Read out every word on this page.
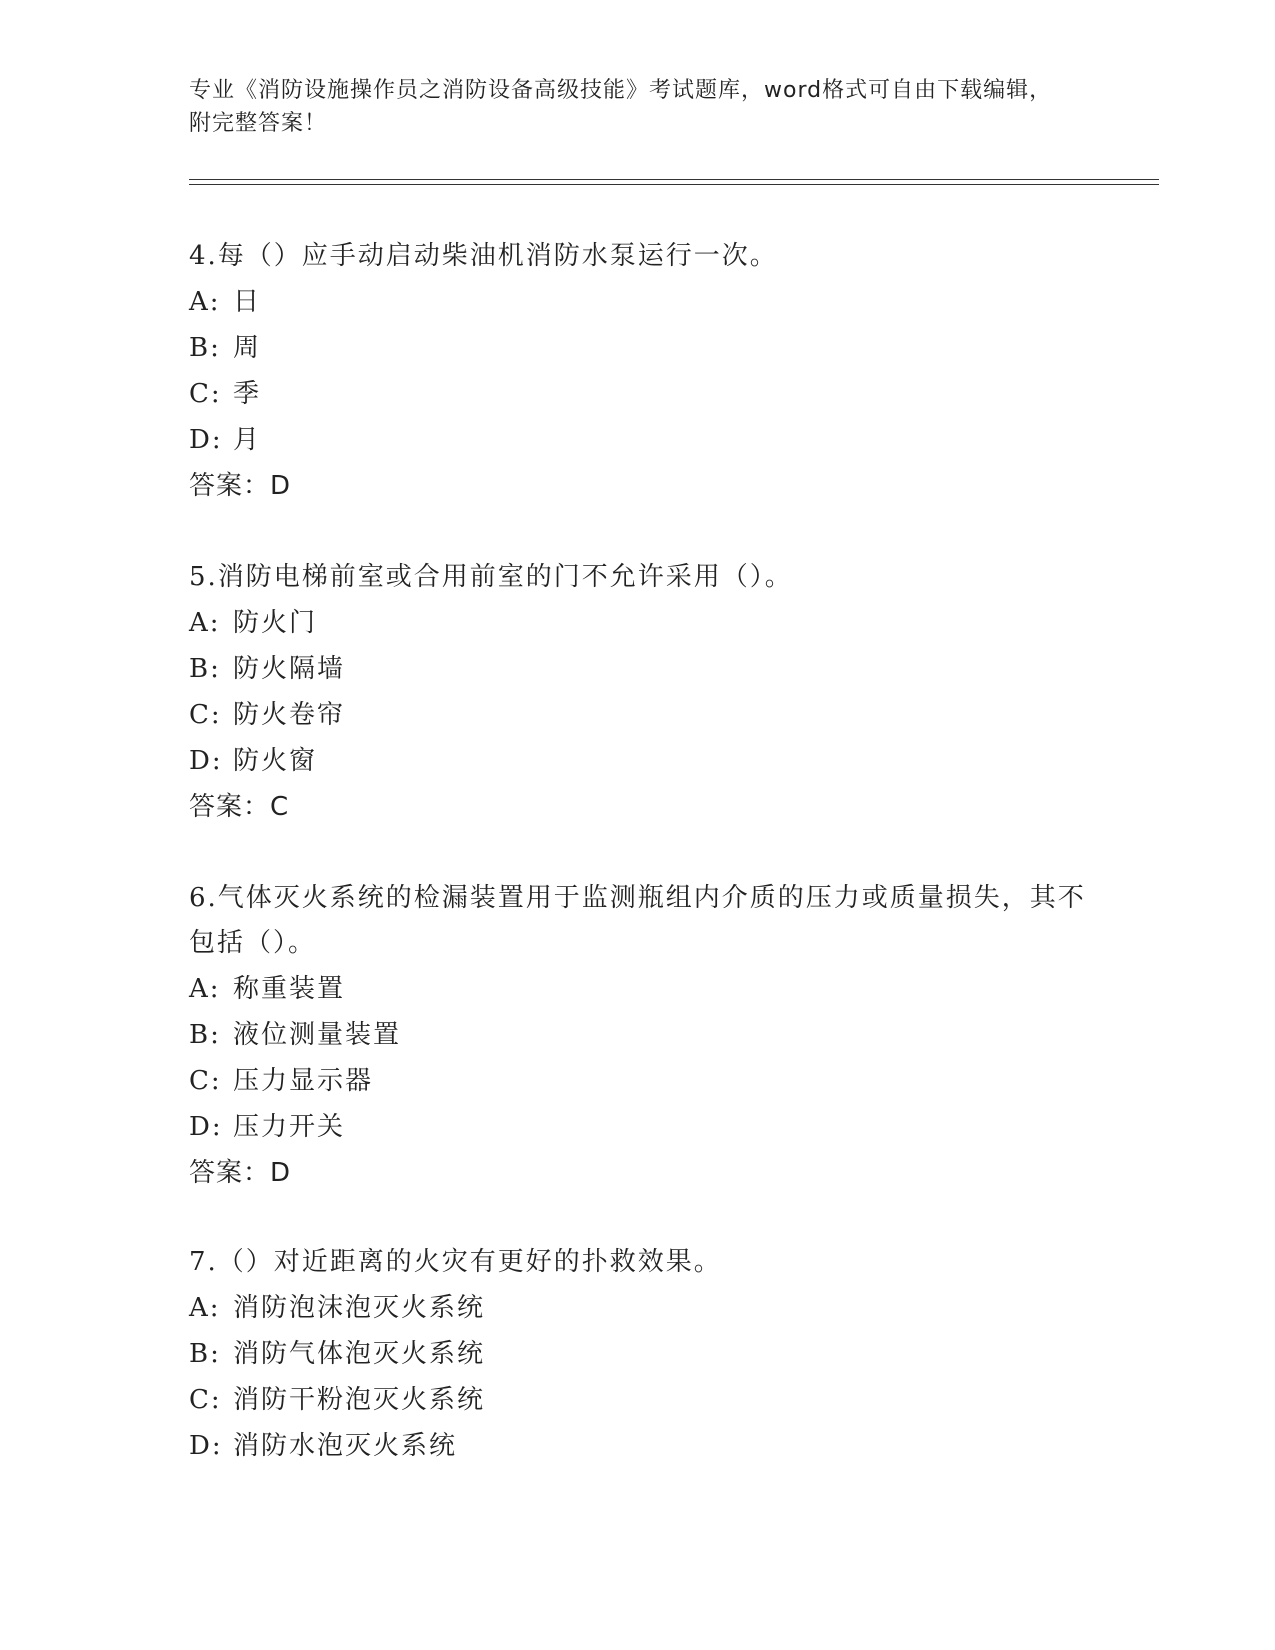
专业《消防设施操作员之消防设备高级技能》考试题库，word格式可自由下载编辑，附完整答案！

4.每（）应手动启动柴油机消防水泵运行一次。

A: 日

B: 周

C: 季

D: 月

答案：D

5.消防电梯前室或合用前室的门不允许采用（）。

A: 防火门

B: 防火隔墙

C: 防火卷帘

D: 防火窗

答案：C

6.气体灭火系统的检漏装置用于监测瓶组内介质的压力或质量损失，其不包括（）。

A: 称重装置

B: 液位测量装置

C: 压力显示器

D: 压力开关

答案：D

7.（）对近距离的火灾有更好的扑救效果。

A: 消防泡沫泡灭火系统

B: 消防气体泡灭火系统

C: 消防干粉泡灭火系统

D: 消防水泡灭火系统
